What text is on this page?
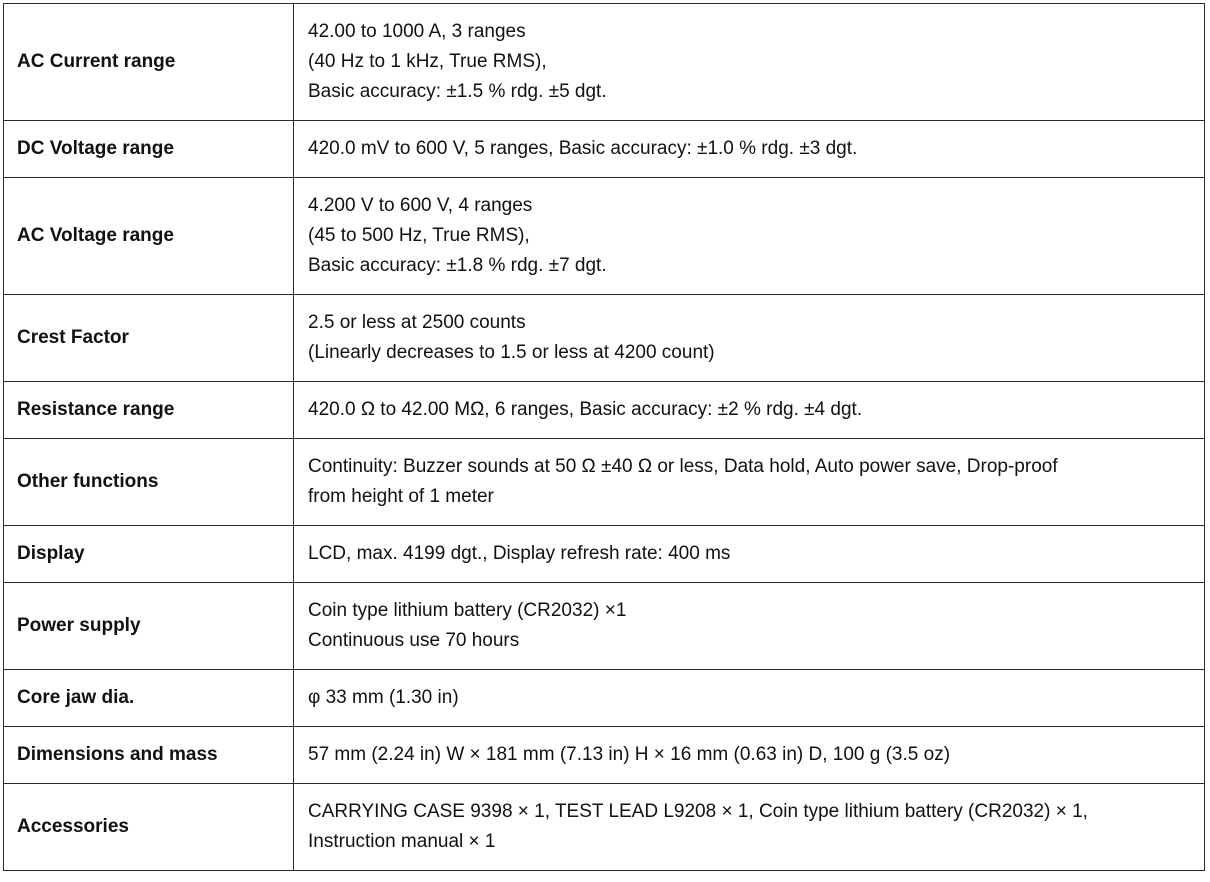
AC Current range	42.00 to 1000 A, 3 ranges
(40 Hz to 1 kHz, True RMS),
Basic accuracy: ±1.5 % rdg. ±5 dgt.

DC Voltage range	420.0 mV to 600 V, 5 ranges, Basic accuracy: ±1.0 % rdg. ±3 dgt.

AC Voltage range	4.200 V to 600 V, 4 ranges
(45 to 500 Hz, True RMS),
Basic accuracy: ±1.8 % rdg. ±7 dgt.

Crest Factor	2.5 or less at 2500 counts
(Linearly decreases to 1.5 or less at 4200 count)

Resistance range	420.0 Ω to 42.00 MΩ, 6 ranges, Basic accuracy: ±2 % rdg. ±4 dgt.

Other functions	Continuity: Buzzer sounds at 50 Ω ±40 Ω or less, Data hold, Auto power save, Drop-proof
from height of 1 meter

Display	LCD, max. 4199 dgt., Display refresh rate: 400 ms

Power supply	Coin type lithium battery (CR2032) ×1
Continuous use 70 hours

Core jaw dia.	φ 33 mm (1.30 in)

Dimensions and mass	57 mm (2.24 in) W × 181 mm (7.13 in) H × 16 mm (0.63 in) D, 100 g (3.5 oz)

Accessories	CARRYING CASE 9398 × 1, TEST LEAD L9208 × 1, Coin type lithium battery (CR2032) × 1,
Instruction manual × 1
